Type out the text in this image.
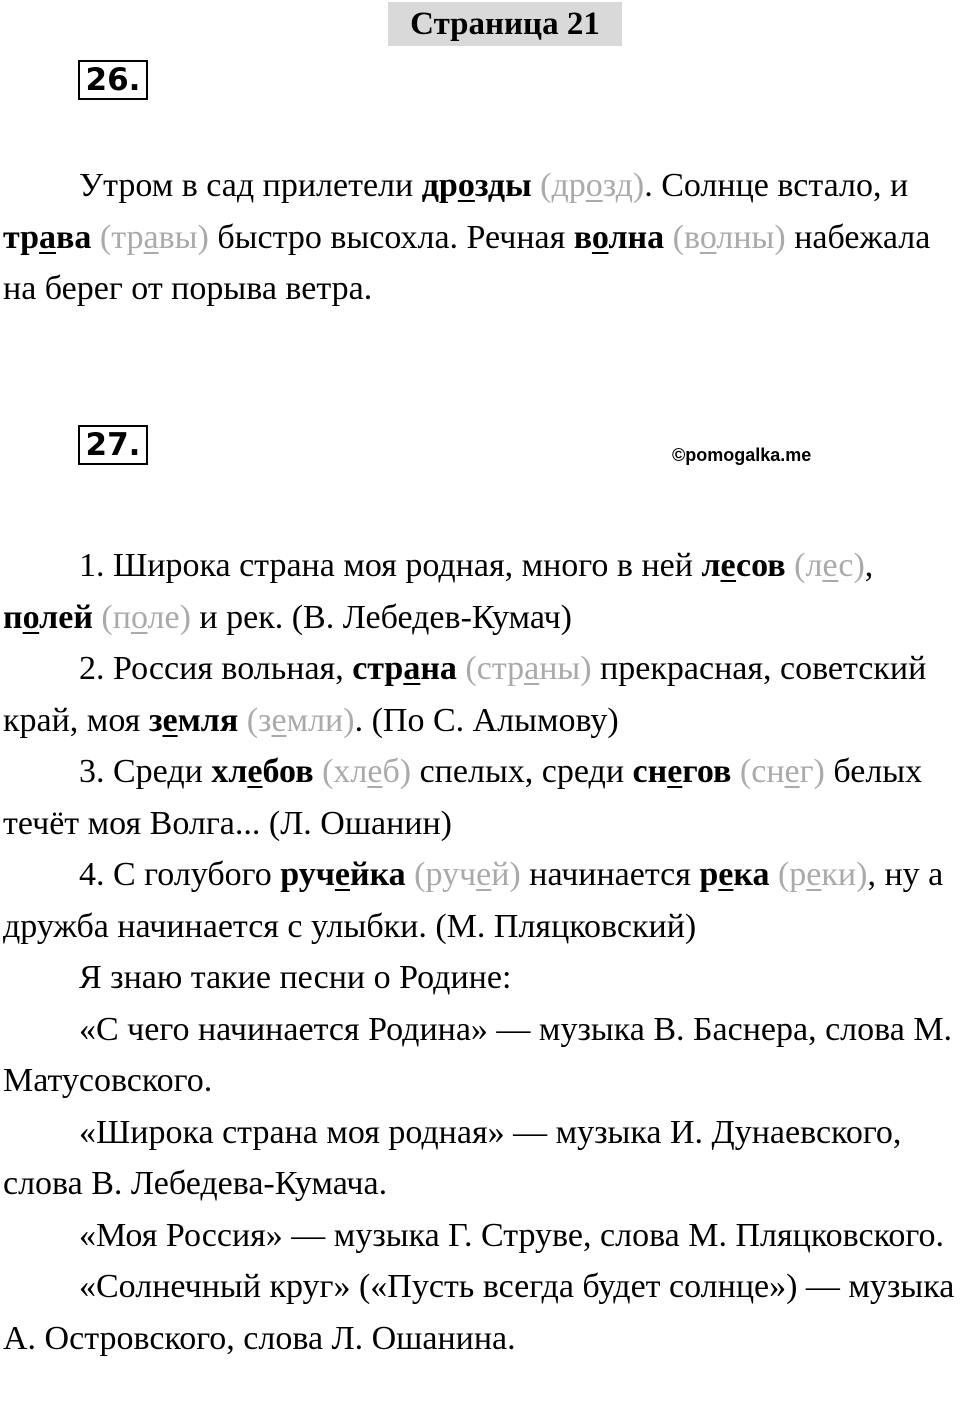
Страница 21
26.

Утром в сад прилетели дрозды (дрозд). Солнце встало, и трава (травы) быстро высохла. Речная волна (волны) набежала на берег от порыва ветра.

27.	©pomogalka.me

1. Широка страна моя родная, много в ней лесов (лес), полей (поле) и рек. (В. Лебедев-Кумач)

2. Россия вольная, страна (страны) прекрасная, советский край, моя земля (земли). (По С. Алымову)

3. Среди хлебов (хлеб) спелых, среди снегов (снег) белых течёт моя Волга... (Л. Ошанин)

4. С голубого ручейка (ручей) начинается река (реки), ну а дружба начинается с улыбки. (М. Пляцковский)

Я знаю такие песни о Родине:

«С чего начинается Родина» — музыка В. Баснера, слова М. Матусовского.

«Широка страна моя родная» — музыка И. Дунаевского, слова В. Лебедева-Кумача.

«Моя Россия» — музыка Г. Струве, слова М. Пляцковского.

«Солнечный круг» («Пусть всегда будет солнце») — музыка А. Островского, слова Л. Ошанина.
